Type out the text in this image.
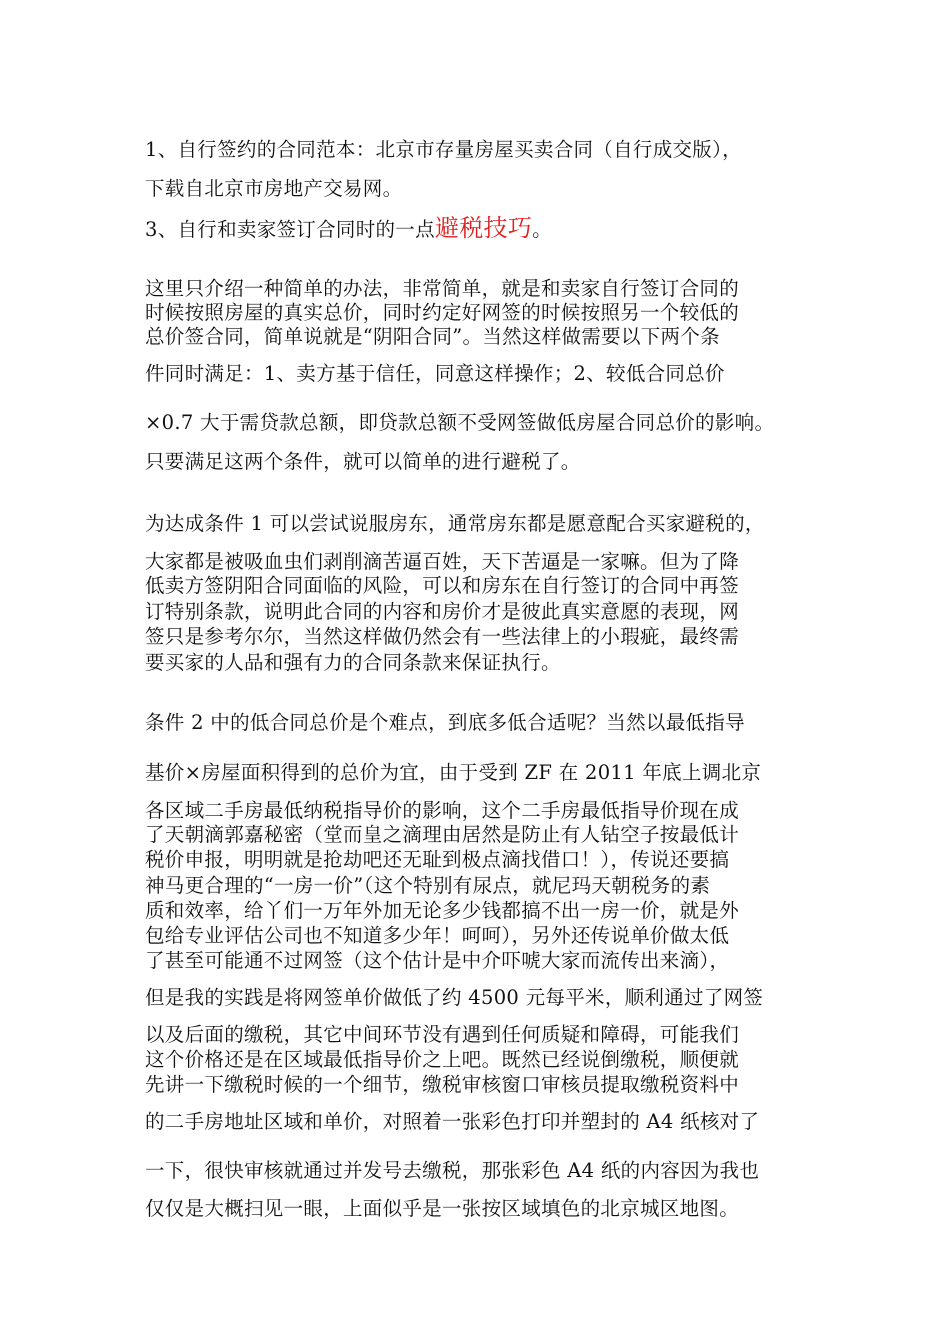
1、自行签约的合同范本：北京市存量房屋买卖合同（自行成交版），
下载自北京市房地产交易网。
3、自行和卖家签订合同时的一点避税技巧。
这里只介绍一种简单的办法，非常简单，就是和卖家自行签订合同的
时候按照房屋的真实总价，同时约定好网签的时候按照另一个较低的
总价签合同，简单说就是“阴阳合同”。当然这样做需要以下两个条
件同时满足：1、卖方基于信任，同意这样操作；2、较低合同总价
×0.7 大于需贷款总额，即贷款总额不受网签做低房屋合同总价的影响。
只要满足这两个条件，就可以简单的进行避税了。
为达成条件 1 可以尝试说服房东，通常房东都是愿意配合买家避税的，
大家都是被吸血虫们剥削滴苦逼百姓，天下苦逼是一家嘛。但为了降
低卖方签阴阳合同面临的风险，可以和房东在自行签订的合同中再签
订特别条款，说明此合同的内容和房价才是彼此真实意愿的表现，网
签只是参考尔尔，当然这样做仍然会有一些法律上的小瑕疵，最终需
要买家的人品和强有力的合同条款来保证执行。
条件 2 中的低合同总价是个难点，到底多低合适呢？当然以最低指导
基价×房屋面积得到的总价为宜，由于受到 ZF 在 2011 年底上调北京
各区域二手房最低纳税指导价的影响，这个二手房最低指导价现在成
了天朝滴郭嘉秘密（堂而皇之滴理由居然是防止有人钻空子按最低计
税价申报，明明就是抢劫吧还无耻到极点滴找借口！），传说还要搞
神马更合理的“一房一价”（这个特别有尿点，就尼玛天朝税务的素
质和效率，给丫们一万年外加无论多少钱都搞不出一房一价，就是外
包给专业评估公司也不知道多少年！呵呵），另外还传说单价做太低
了甚至可能通不过网签（这个估计是中介吓唬大家而流传出来滴），
但是我的实践是将网签单价做低了约 4500 元每平米，顺利通过了网签
以及后面的缴税，其它中间环节没有遇到任何质疑和障碍，可能我们
这个价格还是在区域最低指导价之上吧。既然已经说倒缴税，顺便就
先讲一下缴税时候的一个细节，缴税审核窗口审核员提取缴税资料中
的二手房地址区域和单价，对照着一张彩色打印并塑封的 A4 纸核对了
一下，很快审核就通过并发号去缴税，那张彩色 A4 纸的内容因为我也
仅仅是大概扫见一眼，上面似乎是一张按区域填色的北京城区地图。
